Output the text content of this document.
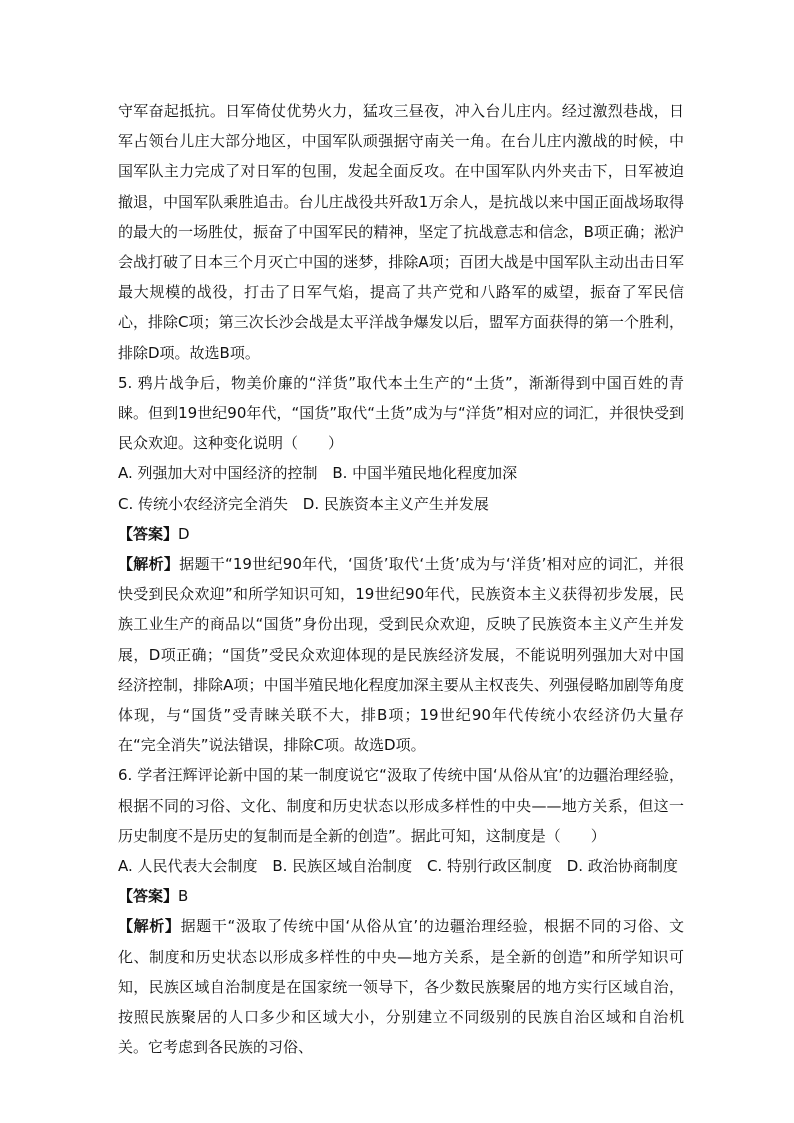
守军奋起抵抗。日军倚仗优势火力，猛攻三昼夜，冲入台儿庄内。经过激烈巷战，日军占领台儿庄大部分地区，中国军队顽强据守南关一角。在台儿庄内激战的时候，中国军队主力完成了对日军的包围，发起全面反攻。在中国军队内外夹击下，日军被迫撤退，中国军队乘胜追击。台儿庄战役共歼敌1万余人，是抗战以来中国正面战场取得的最大的一场胜仗，振奋了中国军民的精神，坚定了抗战意志和信念，B项正确；淞沪会战打破了日本三个月灭亡中国的迷梦，排除A项；百团大战是中国军队主动出击日军最大规模的战役，打击了日军气焰，提高了共产党和八路军的威望，振奋了军民信心，排除C项；第三次长沙会战是太平洋战争爆发以后，盟军方面获得的第一个胜利，排除D项。故选B项。

5. 鸦片战争后，物美价廉的“洋货”取代本土生产的“土货”，渐渐得到中国百姓的青睐。但到19世纪90年代，“国货”取代“土货”成为与“洋货”相对应的词汇，并很快受到民众欢迎。这种变化说明（　　）

A. 列强加大对中国经济的控制 B. 中国半殖民地化程度加深

C. 传统小农经济完全消失 D. 民族资本主义产生并发展

【答案】D

【解析】据题干“19世纪90年代，‘国货’取代‘土货’成为与‘洋货’相对应的词汇，并很快受到民众欢迎”和所学知识可知，19世纪90年代，民族资本主义获得初步发展，民族工业生产的商品以“国货”身份出现，受到民众欢迎，反映了民族资本主义产生并发展，D项正确；“国货”受民众欢迎体现的是民族经济发展，不能说明列强加大对中国经济控制，排除A项；中国半殖民地化程度加深主要从主权丧失、列强侵略加剧等角度体现，与“国货”受青睐关联不大，排B项；19世纪90年代传统小农经济仍大量存在“完全消失”说法错误，排除C项。故选D项。

6. 学者汪辉评论新中国的某一制度说它“汲取了传统中国‘从俗从宜’的边疆治理经验，根据不同的习俗、文化、制度和历史状态以形成多样性的中央——地方关系，但这一历史制度不是历史的复制而是全新的创造”。据此可知，这制度是（　　）

A. 人民代表大会制度 B. 民族区域自治制度 C. 特别行政区制度 D. 政治协商制度

【答案】B

【解析】据题干“汲取了传统中国‘从俗从宜’的边疆治理经验，根据不同的习俗、文化、制度和历史状态以形成多样性的中央—地方关系，是全新的创造”和所学知识可知，民族区域自治制度是在国家统一领导下，各少数民族聚居的地方实行区域自治，按照民族聚居的人口多少和区域大小，分别建立不同级别的民族自治区域和自治机关。它考虑到各民族的习俗、
